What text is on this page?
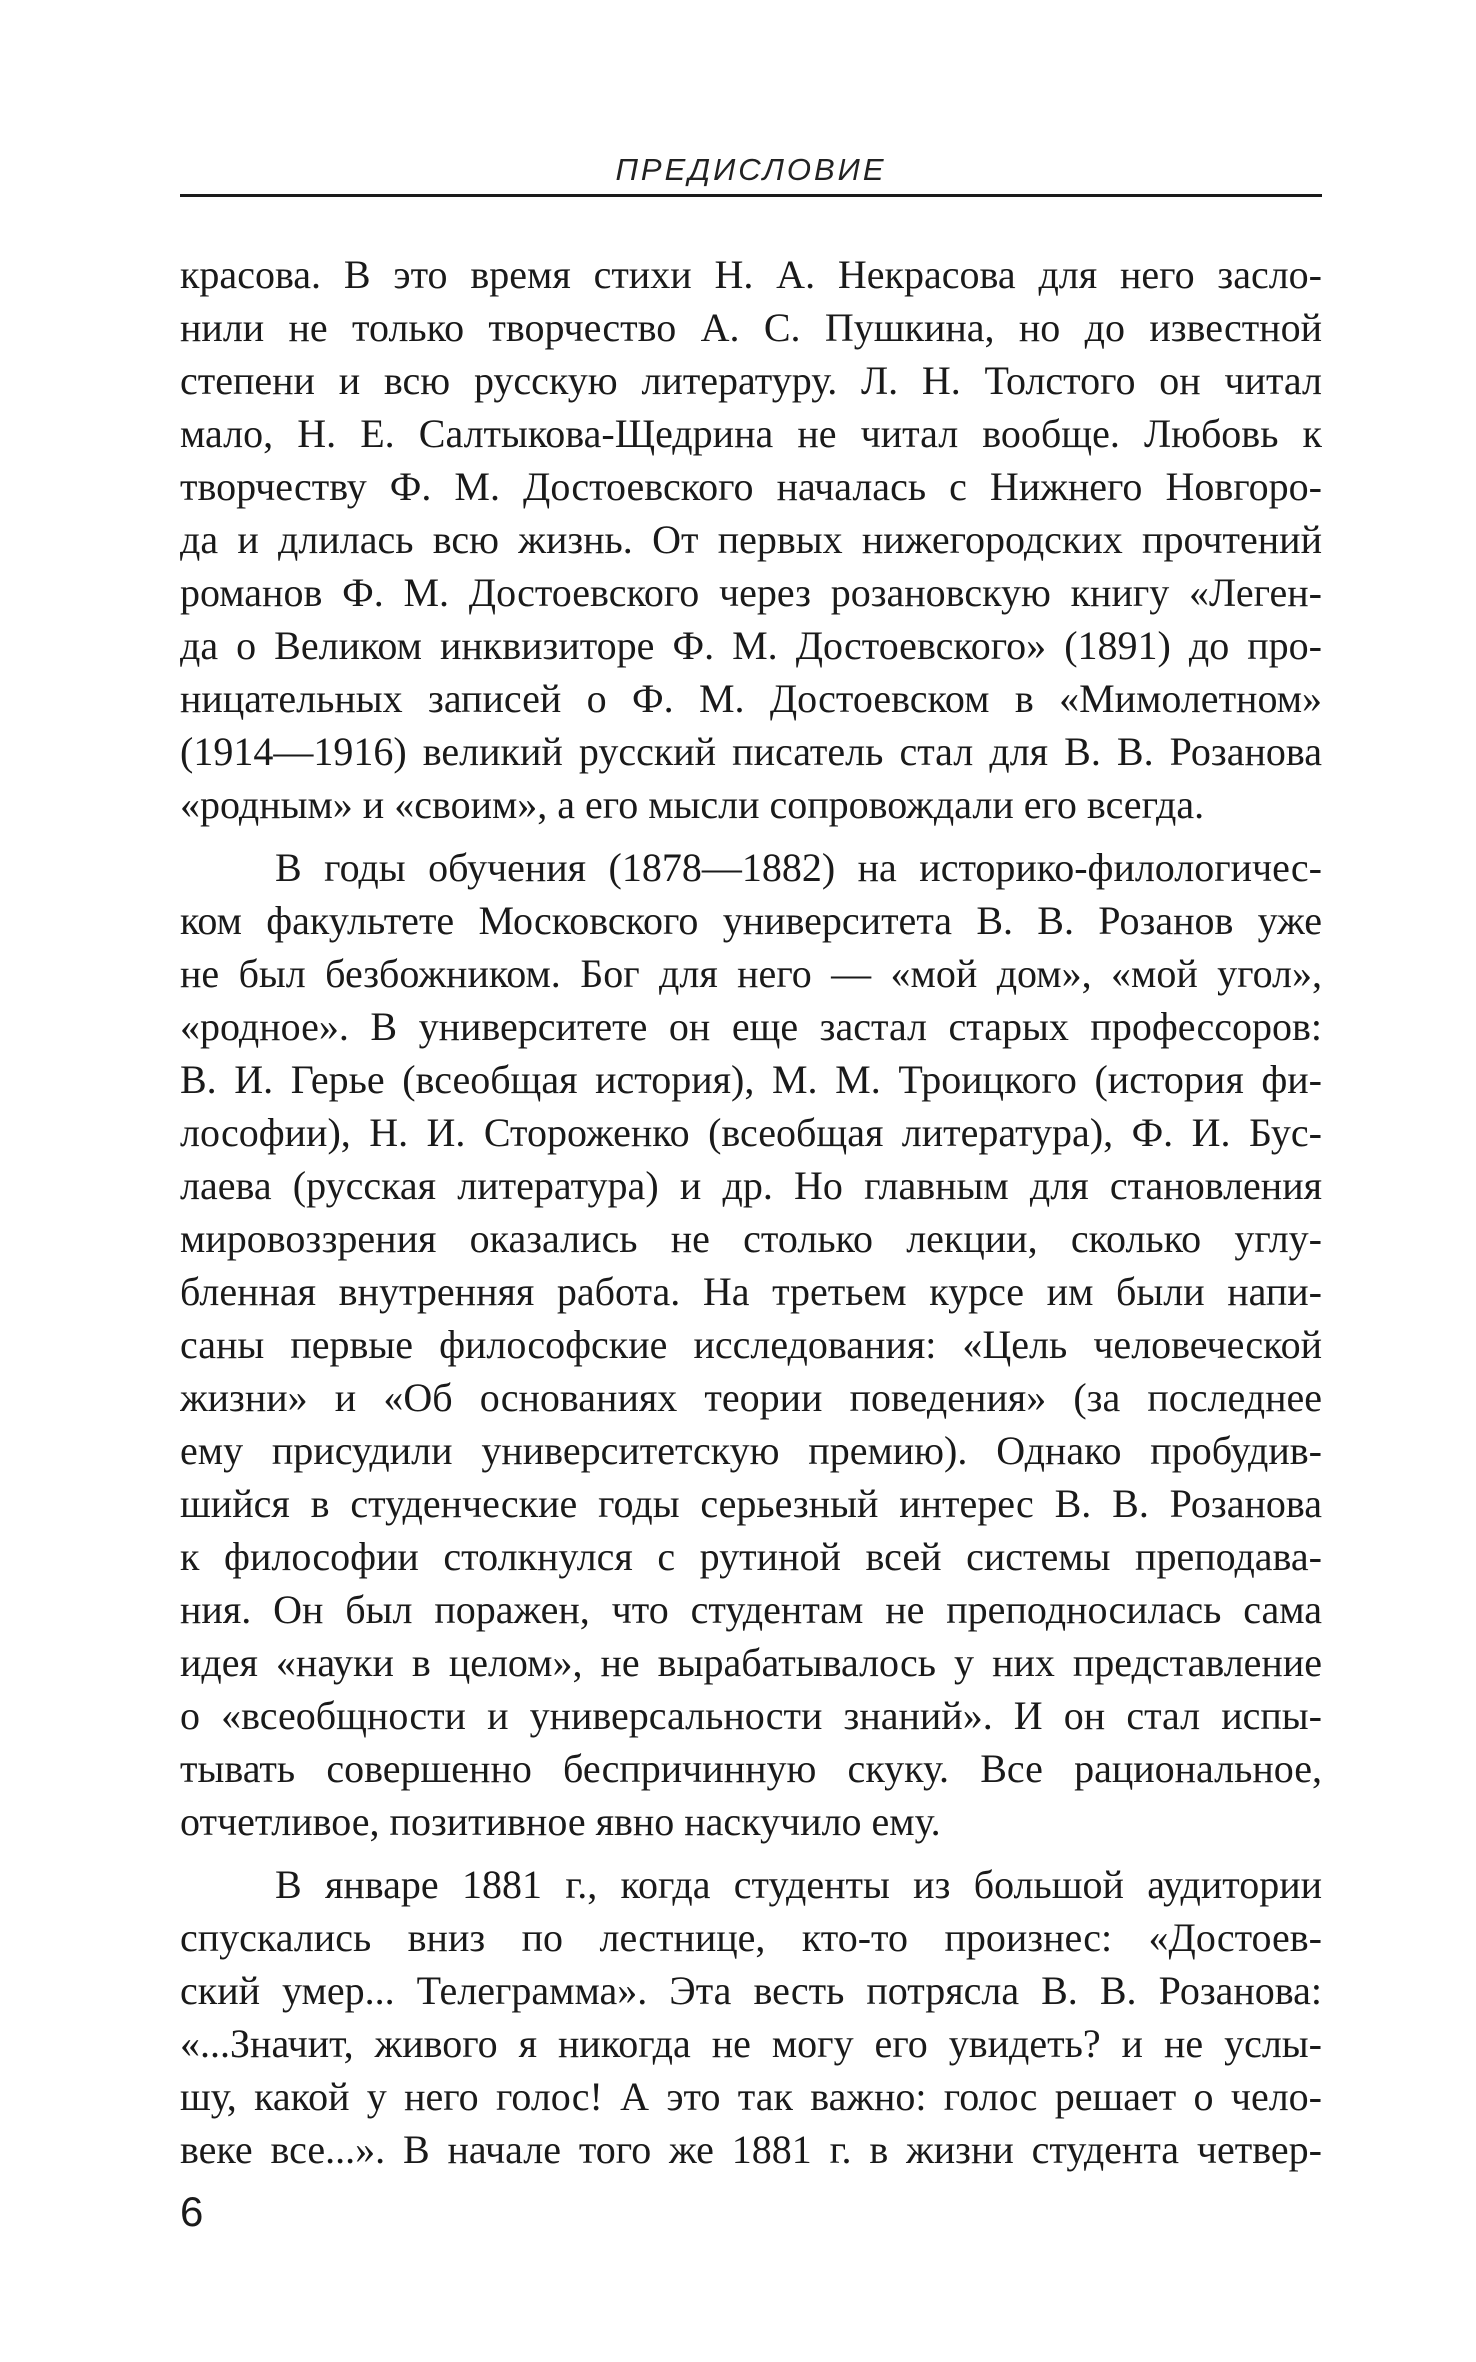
ПРЕДИСЛОВИЕ
красова. В это время стихи Н. А. Некрасова для него засло-
нили не только творчество А. С. Пушкина, но до известной
степени и всю русскую литературу. Л. Н. Толстого он читал
мало, Н. Е. Салтыкова-Щедрина не читал вообще. Любовь к
творчеству Ф. М. Достоевского началась с Нижнего Новгоро-
да и длилась всю жизнь. От первых нижегородских прочтений
романов Ф. М. Достоевского через розановскую книгу «Леген-
да о Великом инквизиторе Ф. М. Достоевского» (1891) до про-
ницательных записей о Ф. М. Достоевском в «Мимолетном»
(1914—1916) великий русский писатель стал для В. В. Розанова
«родным» и «своим», а его мысли сопровождали его всегда.
В годы обучения (1878—1882) на историко-филологичес-
ком факультете Московского университета В. В. Розанов уже
не был безбожником. Бог для него — «мой дом», «мой угол»,
«родное». В университете он еще застал старых профессоров:
В. И. Герье (всеобщая история), М. М. Троицкого (история фи-
лософии), Н. И. Стороженко (всеобщая литература), Ф. И. Бус-
лаева (русская литература) и др. Но главным для становления
мировоззрения оказались не столько лекции, сколько углу-
бленная внутренняя работа. На третьем курсе им были напи-
саны первые философские исследования: «Цель человеческой
жизни» и «Об основаниях теории поведения» (за последнее
ему присудили университетскую премию). Однако пробудив-
шийся в студенческие годы серьезный интерес В. В. Розанова
к философии столкнулся с рутиной всей системы преподава-
ния. Он был поражен, что студентам не преподносилась сама
идея «науки в целом», не вырабатывалось у них представление
о «всеобщности и универсальности знаний». И он стал испы-
тывать совершенно беспричинную скуку. Все рациональное,
отчетливое, позитивное явно наскучило ему.
В январе 1881 г., когда студенты из большой аудитории
спускались вниз по лестнице, кто-то произнес: «Достоев-
ский умер... Телеграмма». Эта весть потрясла В. В. Розанова:
«...Значит, живого я никогда не могу его увидеть? и не услы-
шу, какой у него голос! А это так важно: голос решает о чело-
веке все...». В начале того же 1881 г. в жизни студента четвер-
6
